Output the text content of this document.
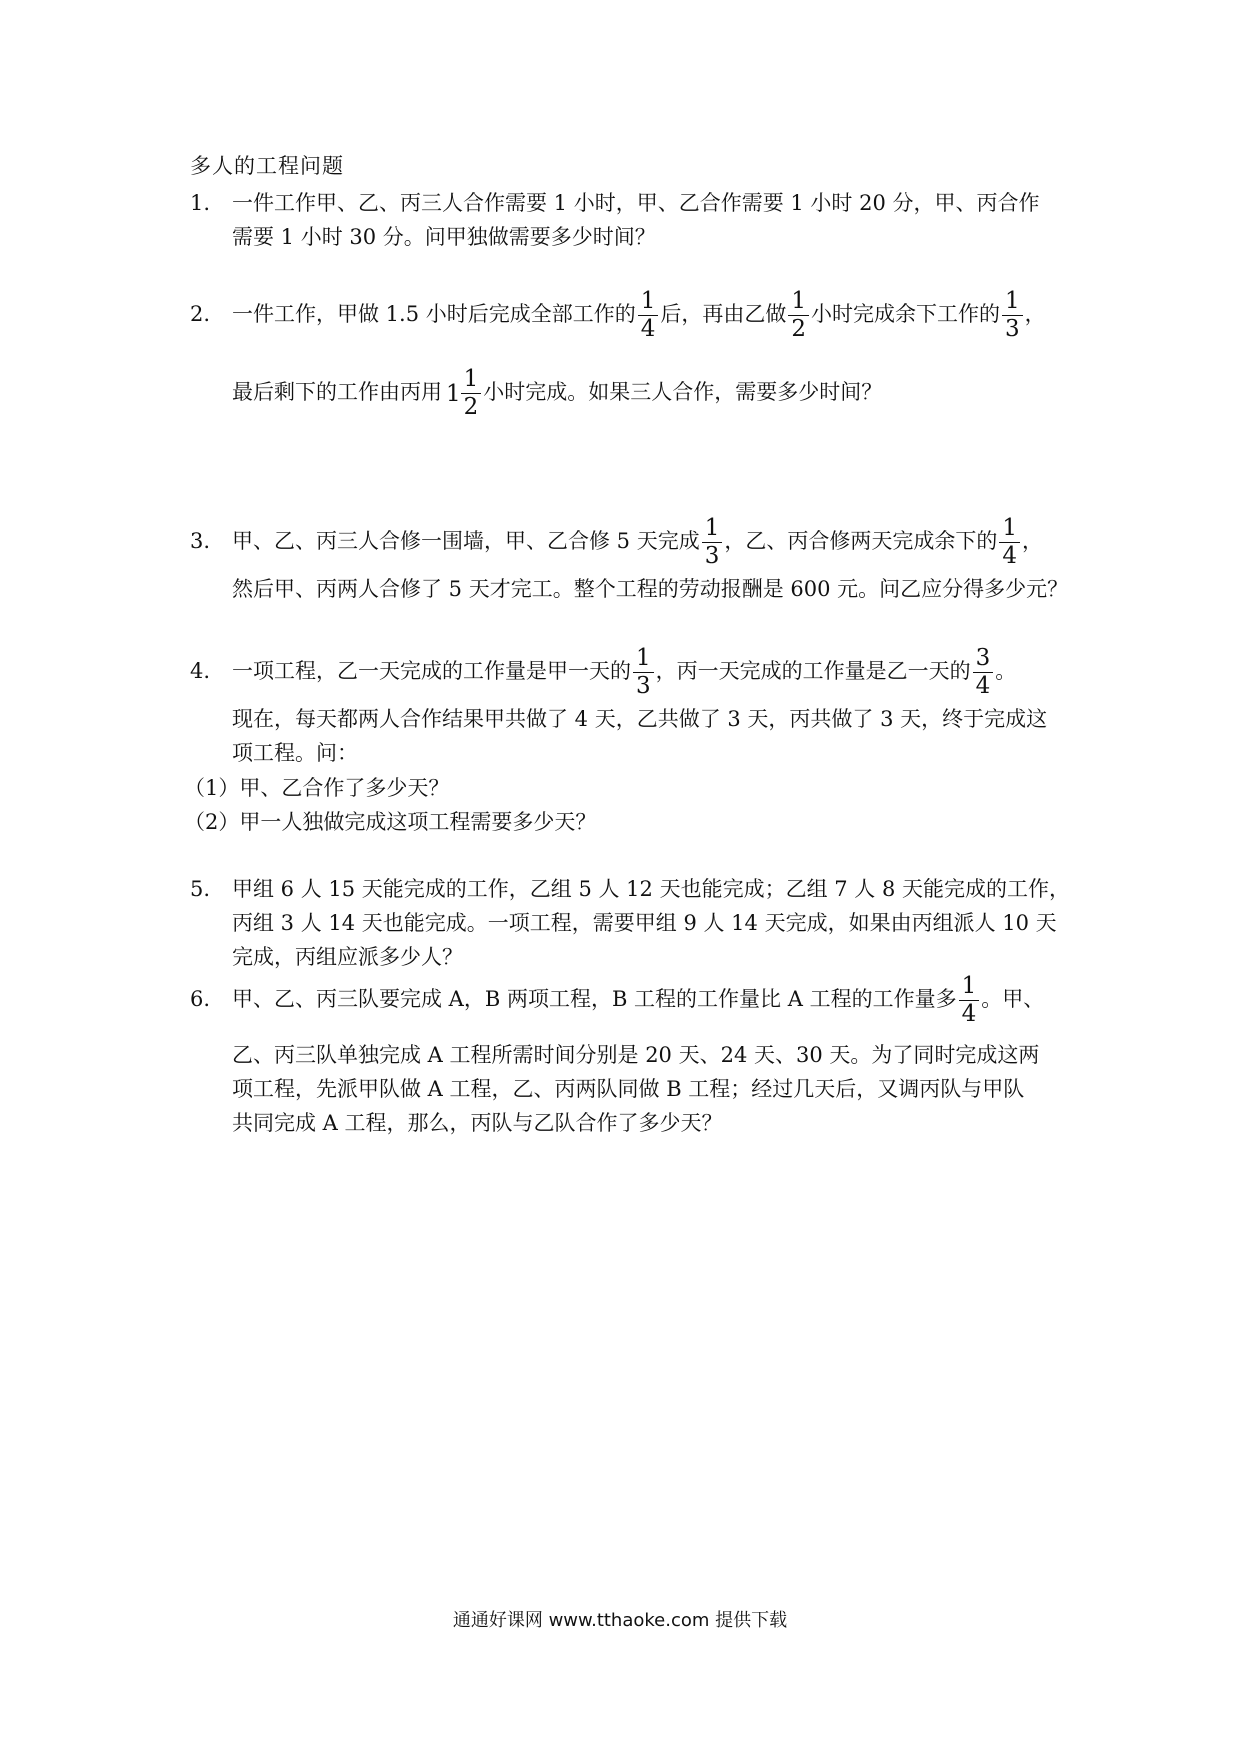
多人的工程问题
1.	一件工作甲、乙、丙三人合作需要 1 小时，甲、乙合作需要 1 小时 20 分，甲、丙合作
需要 1 小时 30 分。问甲独做需要多少时间？
2.	一件工作，甲做 1.5 小时后完成全部工作的 $\frac{1}{4}$ 后，再由乙做 $\frac{1}{2}$ 小时完成余下工作的 $\frac{1}{3}$ ，
最后剩下的工作由丙用 $1 \frac{1}{2}$ 小时完成。如果三人合作，需要多少时间？
3.	甲、乙、丙三人合修一围墙，甲、乙合修 5 天完成 $\frac{1}{3}$ ，乙、丙合修两天完成余下的 $\frac{1}{4}$ ，
然后甲、丙两人合修了 5 天才完工。整个工程的劳动报酬是 600 元。问乙应分得多少元？
4.	一项工程，乙一天完成的工作量是甲一天的 $\frac{1}{3}$ ，丙一天完成的工作量是乙一天的 $\frac{3}{4}$ 。
现在，每天都两人合作结果甲共做了 4 天，乙共做了 3 天，丙共做了 3 天，终于完成这
项工程。问：
（1）甲、乙合作了多少天？
（2）甲一人独做完成这项工程需要多少天？
5.	甲组 6 人 15 天能完成的工作，乙组 5 人 12 天也能完成；乙组 7 人 8 天能完成的工作，
丙组 3 人 14 天也能完成。一项工程，需要甲组 9 人 14 天完成，如果由丙组派人 10 天
完成，丙组应派多少人？
6.	甲、乙、丙三队要完成 A，B 两项工程，B 工程的工作量比 A 工程的工作量多 $\frac{1}{4}$ 。甲、
乙、丙三队单独完成 A 工程所需时间分别是 20 天、24 天、30 天。为了同时完成这两
项工程，先派甲队做 A 工程，乙、丙两队同做 B 工程；经过几天后，又调丙队与甲队
共同完成 A 工程，那么，丙队与乙队合作了多少天？
通通好课网 www.tthaoke.com 提供下载
